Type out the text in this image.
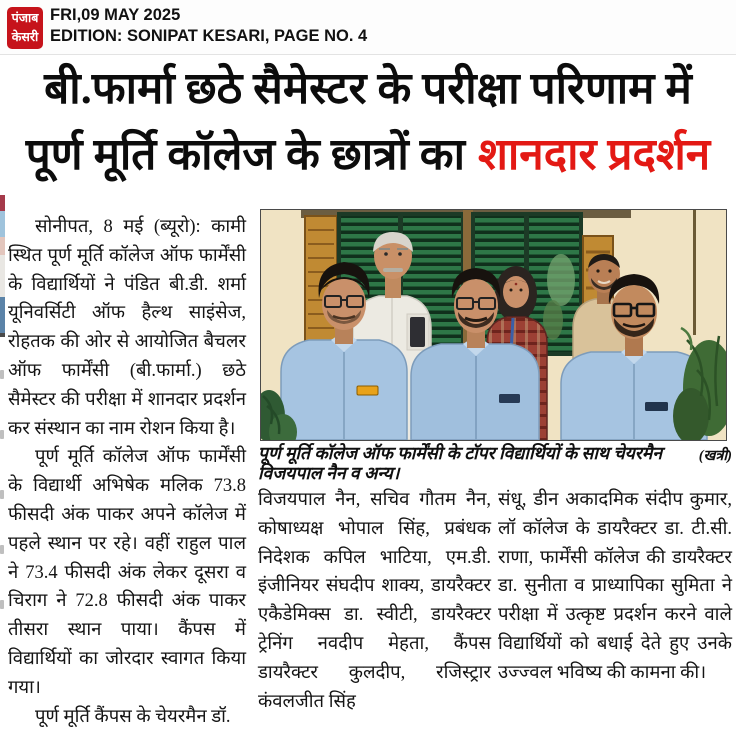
पंजाब
केसरी
FRI,09 MAY 2025
EDITION: SONIPAT KESARI, PAGE NO. 4
बी.फार्मा छठे सैमेस्टर के परीक्षा परिणाम में
पूर्ण मूर्ति कॉलेज के छात्रों का शानदार प्रदर्शन

सोनीपत, 8 मई (ब्यूरो): कामी स्थित पूर्ण मूर्ति कॉलेज ऑफ फार्मेंसी के विद्यार्थियों ने पंडित बी.डी. शर्मा यूनिवर्सिटी ऑफ हैल्थ साइंसेज, रोहतक की ओर से आयोजित बैचलर ऑफ फार्मेंसी (बी.फार्मा.) छठे सैमेस्टर की परीक्षा में शानदार प्रदर्शन कर संस्थान का नाम रोशन किया है।

पूर्ण मूर्ति कॉलेज ऑफ फार्मेंसी के विद्यार्थी अभिषेक मलिक 73.8 फीसदी अंक पाकर अपने कॉलेज में पहले स्थान पर रहे। वहीं राहुल पाल ने 73.4 फीसदी अंक लेकर दूसरा व चिराग ने 72.8 फीसदी अंक पाकर तीसरा स्थान पाया। कैंपस में विद्यार्थियों का जोरदार स्वागत किया गया।

पूर्ण मूर्ति कैंपस के चेयरमैन डॉ.

(खत्री)
पूर्ण मूर्ति कॉलेज ऑफ फार्मेंसी के टॉपर विद्यार्थियों के साथ चेयरमैन विजयपाल नैन व अन्य।
विजयपाल नैन, सचिव गौतम नैन, कोषाध्यक्ष भोपाल सिंह, प्रबंधक निदेशक कपिल भाटिया, एम.डी. इंजीनियर संघदीप शाक्य, डायरैक्टर एकैडेमिक्स डा. स्वीटी, डायरैक्टर ट्रेनिंग नवदीप मेहता, कैंपस डायरैक्टर कुलदीप, रजिस्ट्रार कंवलजीत सिंह
संधू, डीन अकादमिक संदीप कुमार, लॉ कॉलेज के डायरैक्टर डा. टी.सी. राणा, फार्मेंसी कॉलेज की डायरैक्टर डा. सुनीता व प्राध्यापिका सुमिता ने परीक्षा में उत्कृष्ट प्रदर्शन करने वाले विद्यार्थियों को बधाई देते हुए उनके उज्ज्वल भविष्य की कामना की।
